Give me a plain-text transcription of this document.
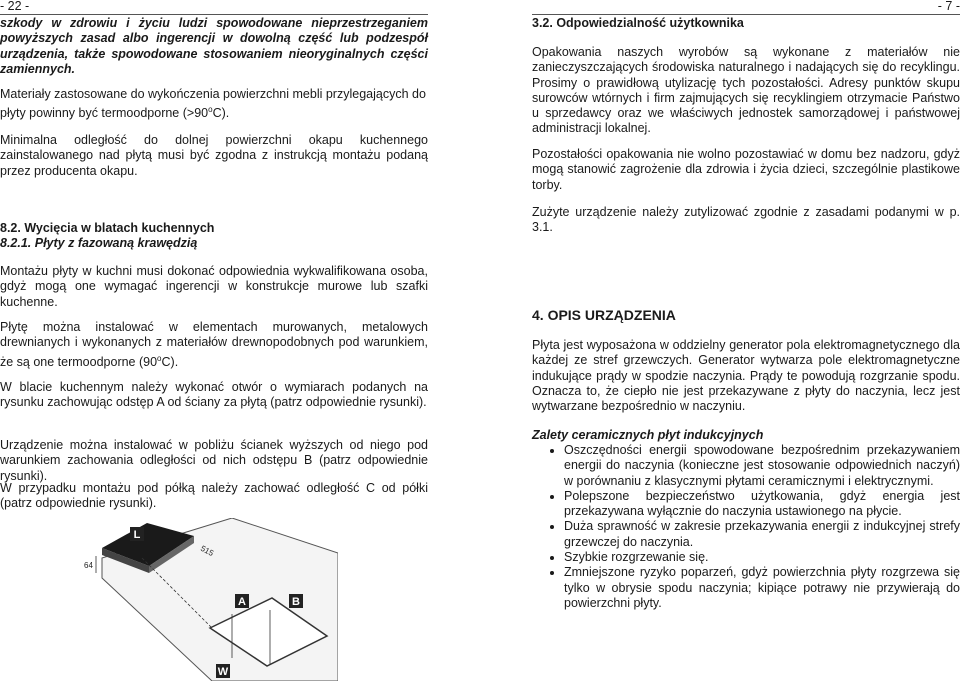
- 22 -

szkody w zdrowiu i życiu ludzi spowodowane nieprzestrzeganiem powyższych zasad albo ingerencji w dowolną część lub podzespół urządzenia, także spowodowane stosowaniem nieoryginalnych części zamiennych.

Materiały zastosowane do wykończenia powierzchni mebli przylegających do płyty powinny być termoodporne $(>90^oC)$.

Minimalna odległość do dolnej powierzchni okapu kuchennego zainstalowanego nad płytą musi być zgodna z instrukcją montażu podaną przez producenta okapu.

8.2. Wycięcia w blatach kuchennych

8.2.1. Płyty z fazowaną krawędzią

Montażu płyty w kuchni musi dokonać odpowiednia wykwalifikowana osoba, gdyż mogą one wymagać ingerencji w konstrukcje murowe lub szafki kuchenne.

Płytę można instalować w elementach murowanych, metalowych drewnianych i wykonanych z materiałów drewnopodobnych pod warunkiem, że są one termoodporne (90$^o$C).

W blacie kuchennym należy wykonać otwór o wymiarach podanych na rysunku zachowując odstęp A od ściany za płytą (patrz odpowiednie rysunki).

Urządzenie można instalować w pobliżu ścianek wyższych od niego pod warunkiem zachowania odległości od nich odstępu B (patrz odpowiednie rysunki).

W przypadku montażu pod półką należy zachować odległość C od półki (patrz odpowiednie rysunki).

L
W
A	B
515
64
- 7 -

3.2. Odpowiedzialność użytkownika

Opakowania naszych wyrobów są wykonane z materiałów nie zanieczyszczających środowiska naturalnego i nadających się do recyklingu. Prosimy o prawidłową utylizację tych pozostałości. Adresy punktów skupu surowców wtórnych i firm zajmujących się recyklingiem otrzymacie Państwo u sprzedawcy oraz we właściwych jednostek samorządowej i państwowej administracji lokalnej.

Pozostałości opakowania nie wolno pozostawiać w domu bez nadzoru, gdyż mogą stanowić zagrożenie dla zdrowia i życia dzieci, szczególnie plastikowe torby.

Zużyte urządzenie należy zutylizować zgodnie z zasadami podanymi w p. 3.1.

4. OPIS URZĄDZENIA

Płyta jest wyposażona w oddzielny generator pola elektromagnetycznego dla każdej ze stref grzewczych. Generator wytwarza pole elektromagnetyczne indukujące prądy w spodzie naczynia. Prądy te powodują rozgrzanie spodu. Oznacza to, że ciepło nie jest przekazywane z płyty do naczynia, lecz jest wytwarzane bezpośrednio w naczyniu.

Zalety ceramicznych płyt indukcyjnych

• Oszczędności energii spowodowane bezpośrednim przekazywaniem energii do naczynia (konieczne jest stosowanie odpowiednich naczyń) w porównaniu z klasycznymi płytami ceramicznymi i elektrycznymi.
• Polepszone bezpieczeństwo użytkowania, gdyż energia jest przekazywana wyłącznie do naczynia ustawionego na płycie.
• Duża sprawność w zakresie przekazywania energii z indukcyjnej strefy grzewczej do naczynia.
• Szybkie rozgrzewanie się.
• Zmniejszone ryzyko poparzeń, gdyż powierzchnia płyty rozgrzewa się tylko w obrysie spodu naczynia; kipiące potrawy nie przywierają do powierzchni płyty.
